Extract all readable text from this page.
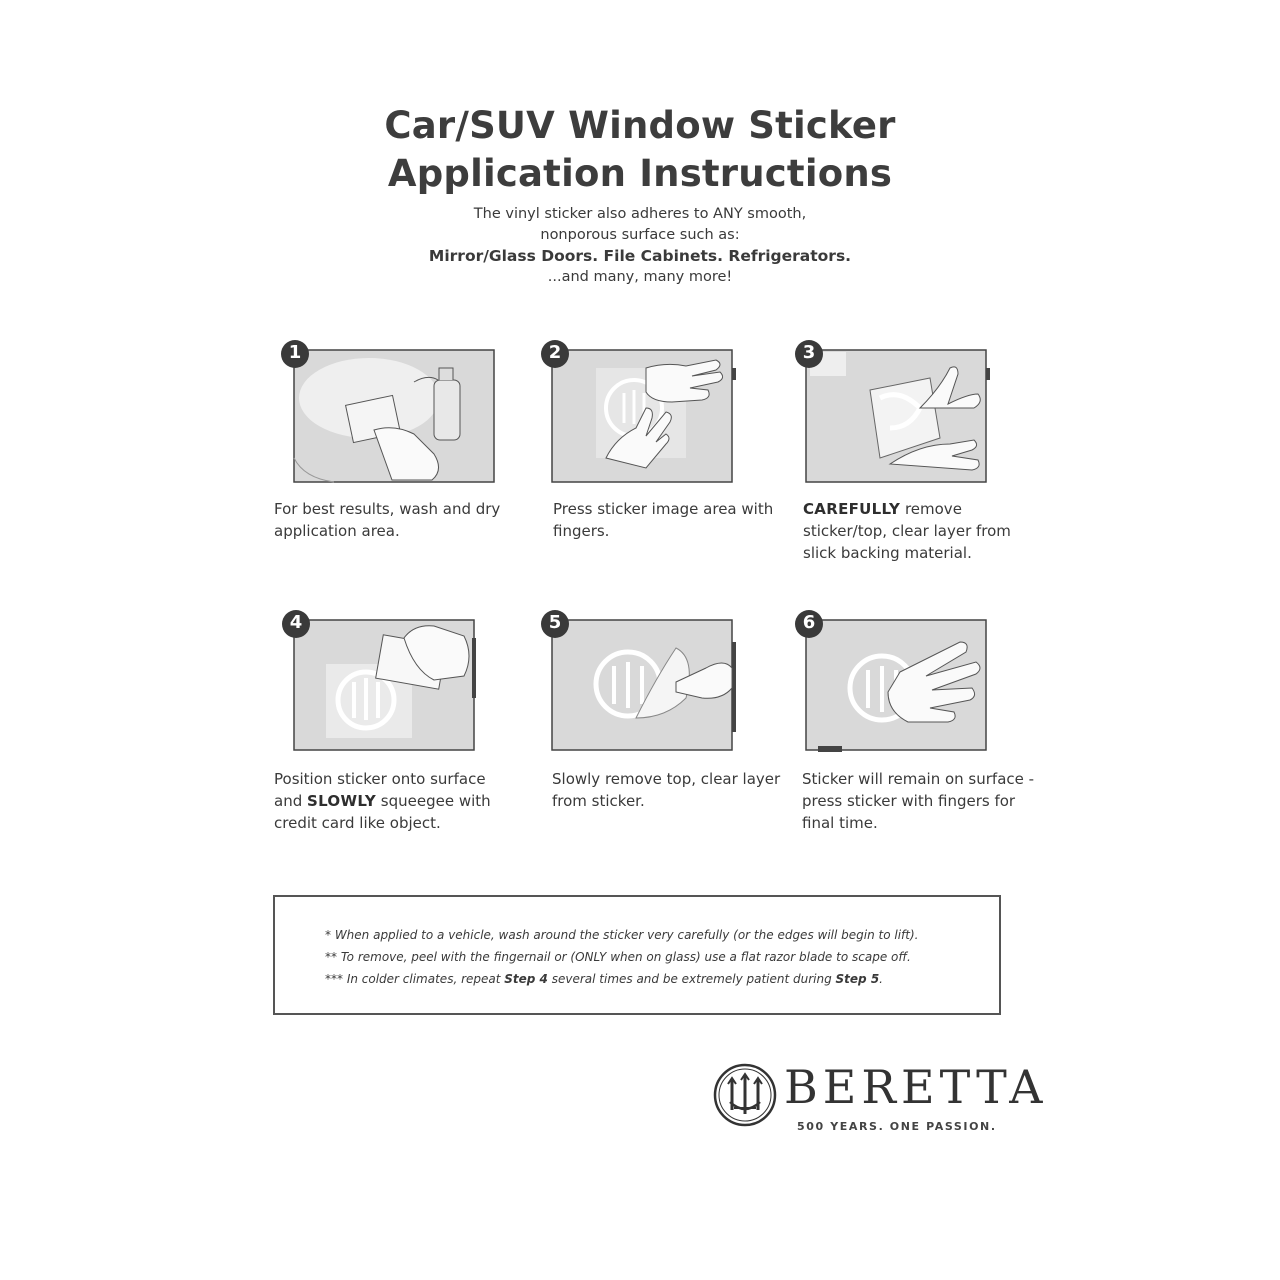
Car/SUV Window Sticker
Application Instructions
The vinyl sticker also adheres to ANY smooth,
nonporous surface such as:
Mirror/Glass Doors. File Cabinets. Refrigerators.
...and many, many more!
1
For best results, wash and dry application area.
2
Press sticker image area with fingers.
3
CAREFULLY remove sticker/top, clear layer from slick backing material.
4
Position sticker onto surface and SLOWLY squeegee with credit card like object.
5
Slowly remove top, clear layer from sticker.
6
Sticker will remain on surface - press sticker with fingers for final time.
* When applied to a vehicle, wash around the sticker very carefully (or the edges will begin to lift).
** To remove, peel with the fingernail or (ONLY when on glass) use a flat razor blade to scape off.
*** In colder climates, repeat Step 4 several times and be extremely patient during Step 5.
BERETTA
500 YEARS. ONE PASSION.
